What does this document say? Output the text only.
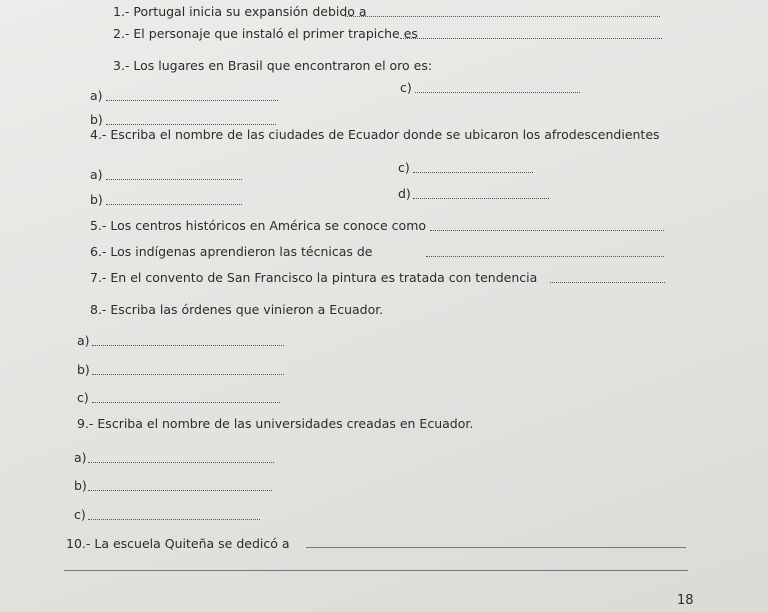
1.- Portugal inicia su expansión debido a
2.- El personaje que instaló el primer trapiche es
3.- Los lugares en Brasil que encontraron el oro es:
a)
c)
b)
4.- Escriba el nombre de las ciudades de Ecuador donde se ubicaron los afrodescendientes
a)	c)
b)	d)
5.- Los centros históricos en América se conoce como
6.- Los indígenas aprendieron las técnicas de
7.- En el convento de San Francisco la pintura es tratada con tendencia
8.- Escriba las órdenes que vinieron a Ecuador.
a)
b)
c)
9.- Escriba el nombre de las universidades creadas en Ecuador.
a)
b)
c)
10.- La escuela Quiteña se dedicó a
18
